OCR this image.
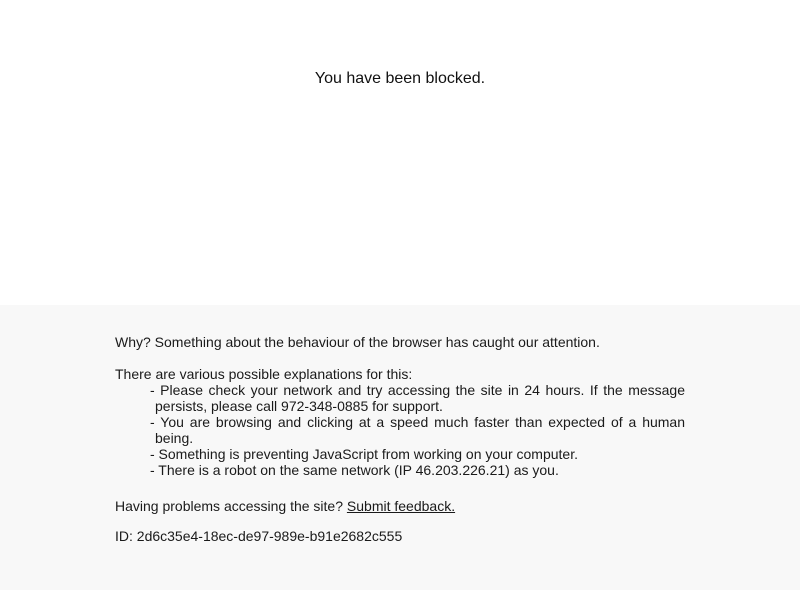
You have been blocked.

Why? Something about the behaviour of the browser has caught our attention.

There are various possible explanations for this:

- Please check your network and try accessing the site in 24 hours. If the message persists, please call 972-348-0885 for support.
- You are browsing and clicking at a speed much faster than expected of a human being.
- Something is preventing JavaScript from working on your computer.
- There is a robot on the same network (IP 46.203.226.21) as you.

Having problems accessing the site? Submit feedback.

ID: 2d6c35e4-18ec-de97-989e-b91e2682c555
